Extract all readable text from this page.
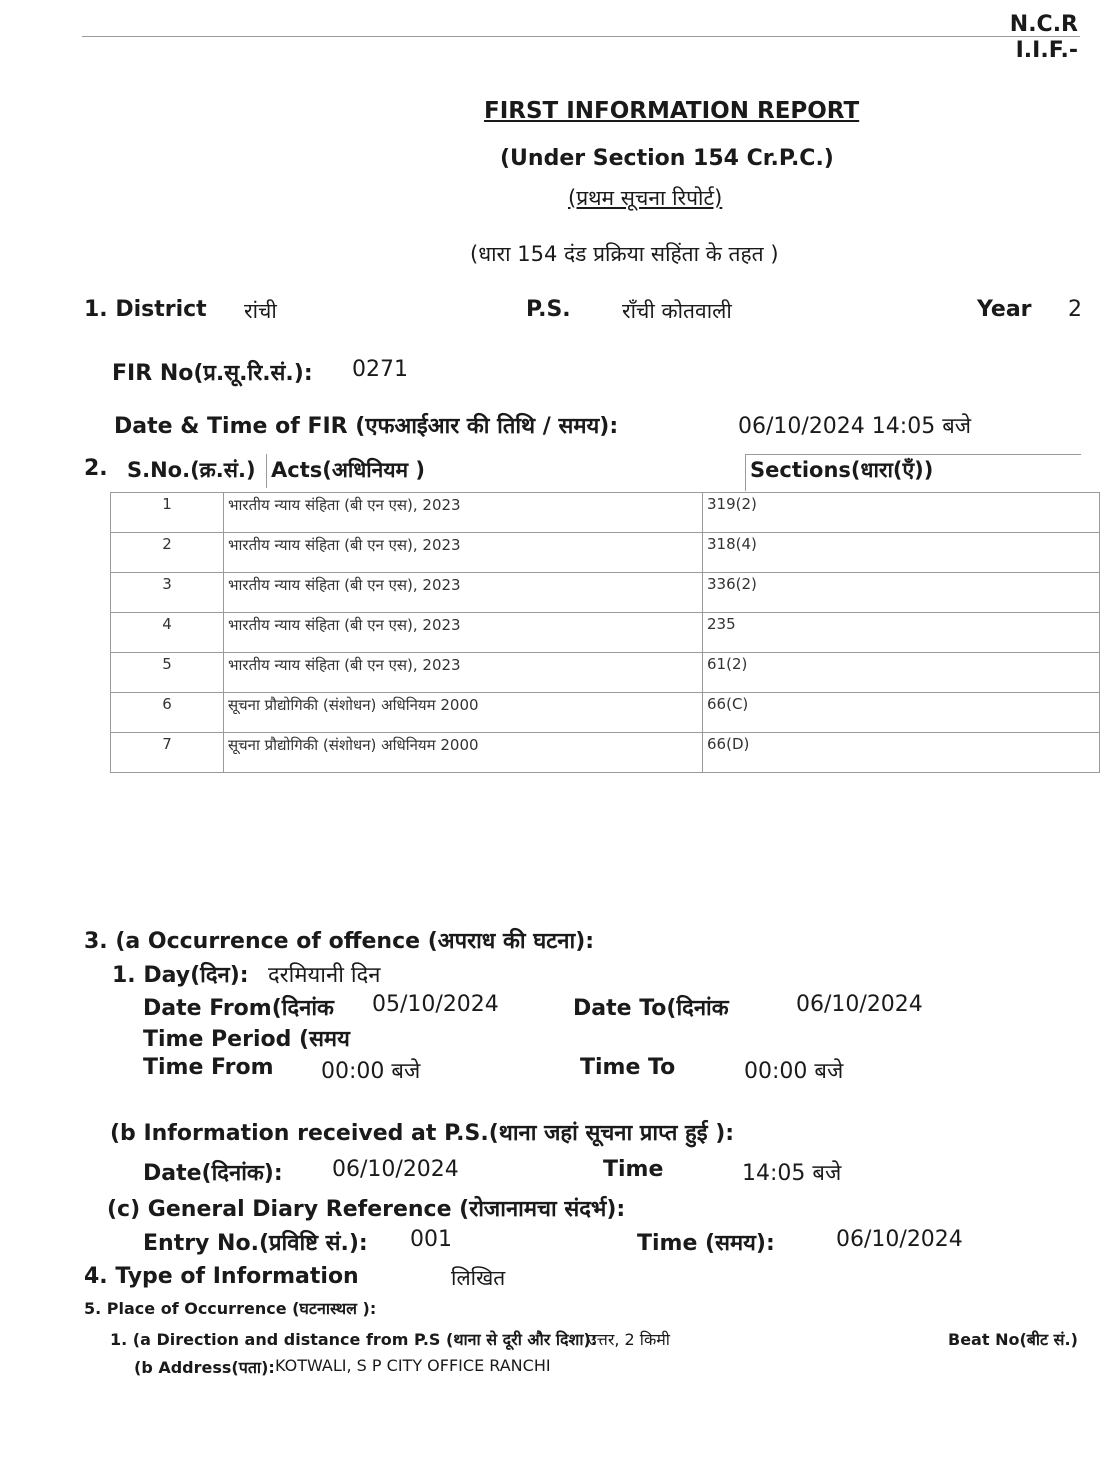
N.C.R
I.I.F.-
FIRST INFORMATION REPORT
(Under Section 154 Cr.P.C.)
(प्रथम सूचना रिपोर्ट)
(धारा 154 दंड प्रक्रिया सहिंता के तहत )
1. District रांची	P.S. राँची कोतवाली	Year 2
FIR No(प्र.सू.रि.सं.): 0271
Date & Time of FIR (एफआईआर की तिथि / समय):	06/10/2024 14:05 बजे
2. S.No.(क्र.सं.) Acts(अधिनियम )	Sections(धारा(एँ))
1	भारतीय न्याय संहिता (बी एन एस), 2023	319(2)
2	भारतीय न्याय संहिता (बी एन एस), 2023	318(4)
3	भारतीय न्याय संहिता (बी एन एस), 2023	336(2)
4	भारतीय न्याय संहिता (बी एन एस), 2023	235
5	भारतीय न्याय संहिता (बी एन एस), 2023	61(2)
6	सूचना प्रौद्योगिकी (संशोधन) अधिनियम 2000	66(C)
7	सूचना प्रौद्योगिकी (संशोधन) अधिनियम 2000	66(D)
3. (a Occurrence of offence (अपराध की घटना):
1. Day(दिन): दरमियानी दिन
Date From(दिनांक 05/10/2024	Date To(दिनांक	06/10/2024
Time Period (समय
Time From 00:00 बजे	Time To	00:00 बजे
(b Information received at P.S.(थाना जहां सूचना प्राप्त हुई ):
Date(दिनांक): 06/10/2024	Time	14:05 बजे
(c) General Diary Reference (रोजानामचा संदर्भ):
Entry No.(प्रविष्टि सं.): 001	Time (समय):	06/10/2024
4. Type of Information	लिखित
5. Place of Occurrence (घटनास्थल ):
1. (a Direction and distance from P.S (थाना से दूरी और दिशा):
उत्तर, 2 किमी	Beat No(बीट सं.)
(b Address(पता): KOTWALI, S P CITY OFFICE RANCHI
